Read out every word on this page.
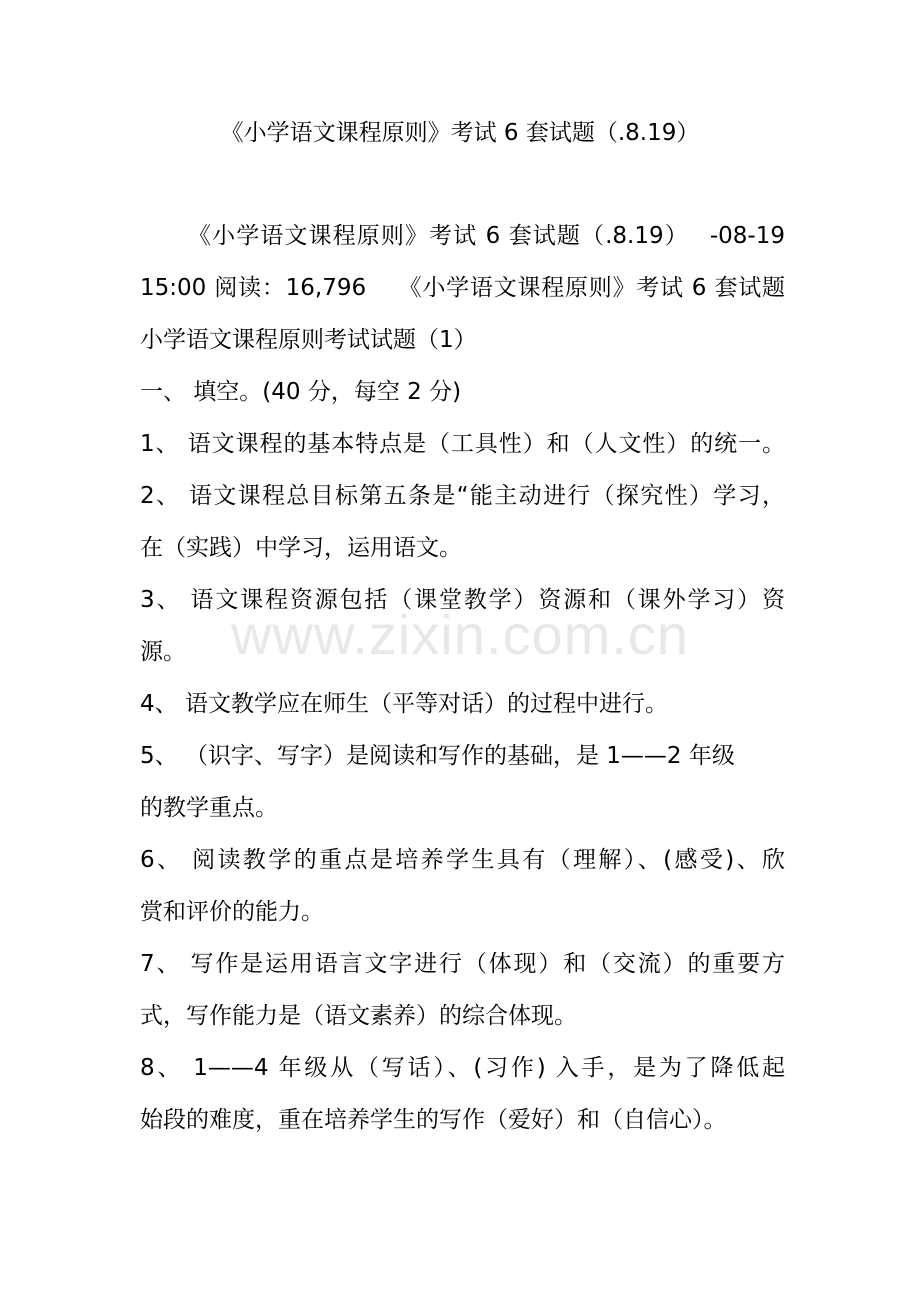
《小学语文课程原则》考试 6 套试题（.8.19）
《小学语文课程原则》考试 6 套试题（.8.19）　 -08-19
15:00 阅读：16,796　 《小学语文课程原则》考试 6 套试题
小学语文课程原则考试试题（1）
一、 填空。(40 分，每空 2 分)
1、 语文课程的基本特点是（工具性）和（人文性）的统一。
2、 语文课程总目标第五条是“能主动进行（探究性）学习，
在（实践）中学习，运用语文。
3、 语文课程资源包括（课堂教学）资源和（课外学习）资
源。
4、 语文教学应在师生（平等对话）的过程中进行。
5、 （识字、写字）是阅读和写作的基础，是 1——2 年级
的教学重点。
6、 阅读教学的重点是培养学生具有（理解）、(感受)、欣
赏和评价的能力。
7、 写作是运用语言文字进行（体现）和（交流）的重要方
式，写作能力是（语文素养）的综合体现。
8、 1——4 年级从（写话）、(习作) 入手，是为了降低起
始段的难度，重在培养学生的写作（爱好）和（自信心）。
www.zixin.com.cn
